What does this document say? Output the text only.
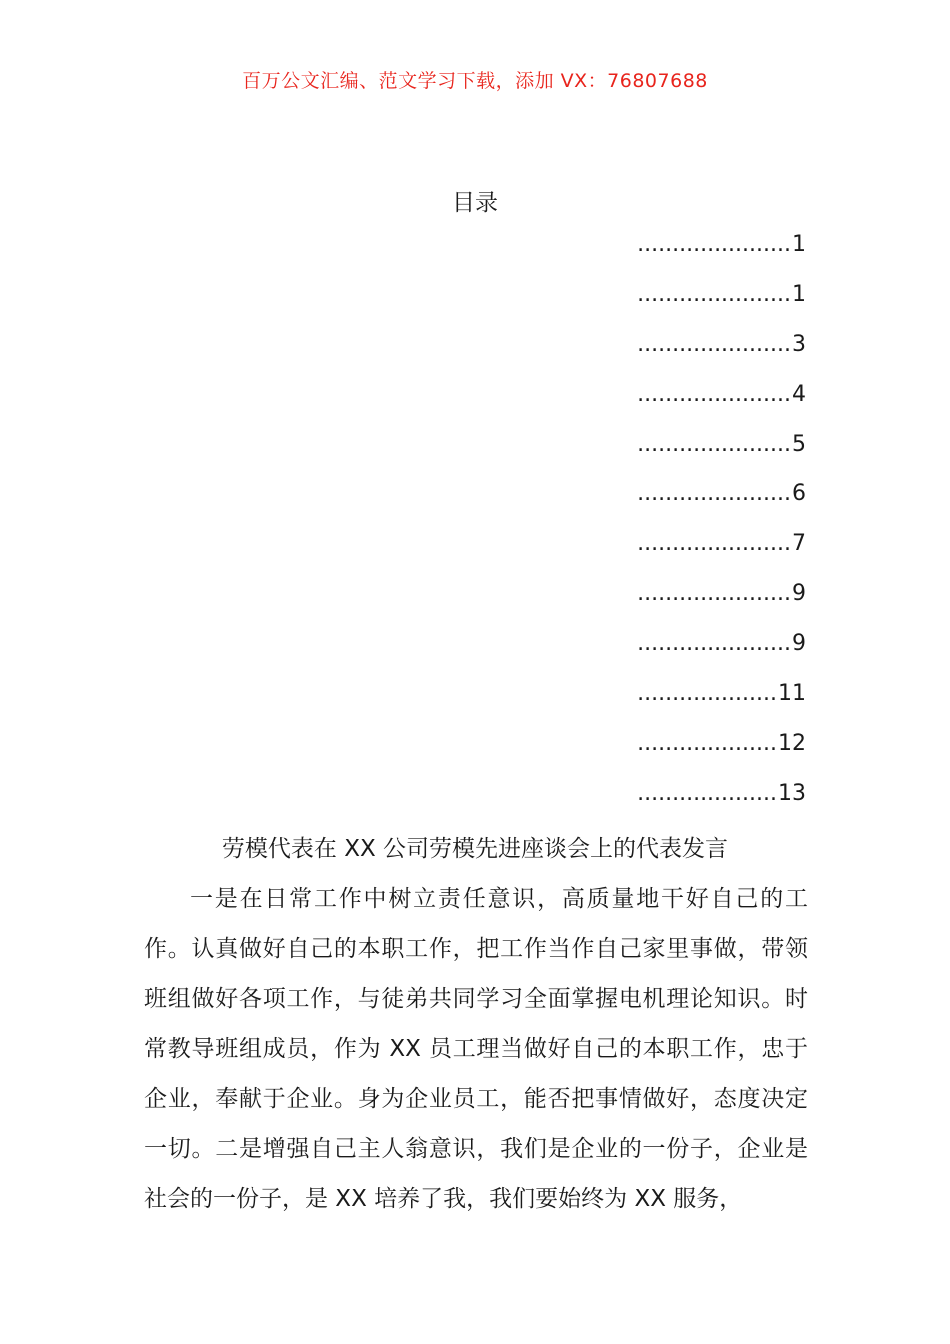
百万公文汇编、范文学习下载，添加 VX：76807688
目录
...................... 1
...................... 1
...................... 3
...................... 4
...................... 5
...................... 6
...................... 7
...................... 9
...................... 9
.................... 11
.................... 12
.................... 13
劳模代表在 XX 公司劳模先进座谈会上的代表发言

一是在日常工作中树立责任意识，高质量地干好自己的工作。认真做好自己的本职工作，把工作当作自己家里事做，带领班组做好各项工作，与徒弟共同学习全面掌握电机理论知识。时常教导班组成员，作为 XX 员工理当做好自己的本职工作，忠于企业，奉献于企业。身为企业员工，能否把事情做好，态度决定一切。二是增强自己主人翁意识，我们是企业的一份子，企业是社会的一份子，是 XX 培养了我，我们要始终为 XX 服务，
